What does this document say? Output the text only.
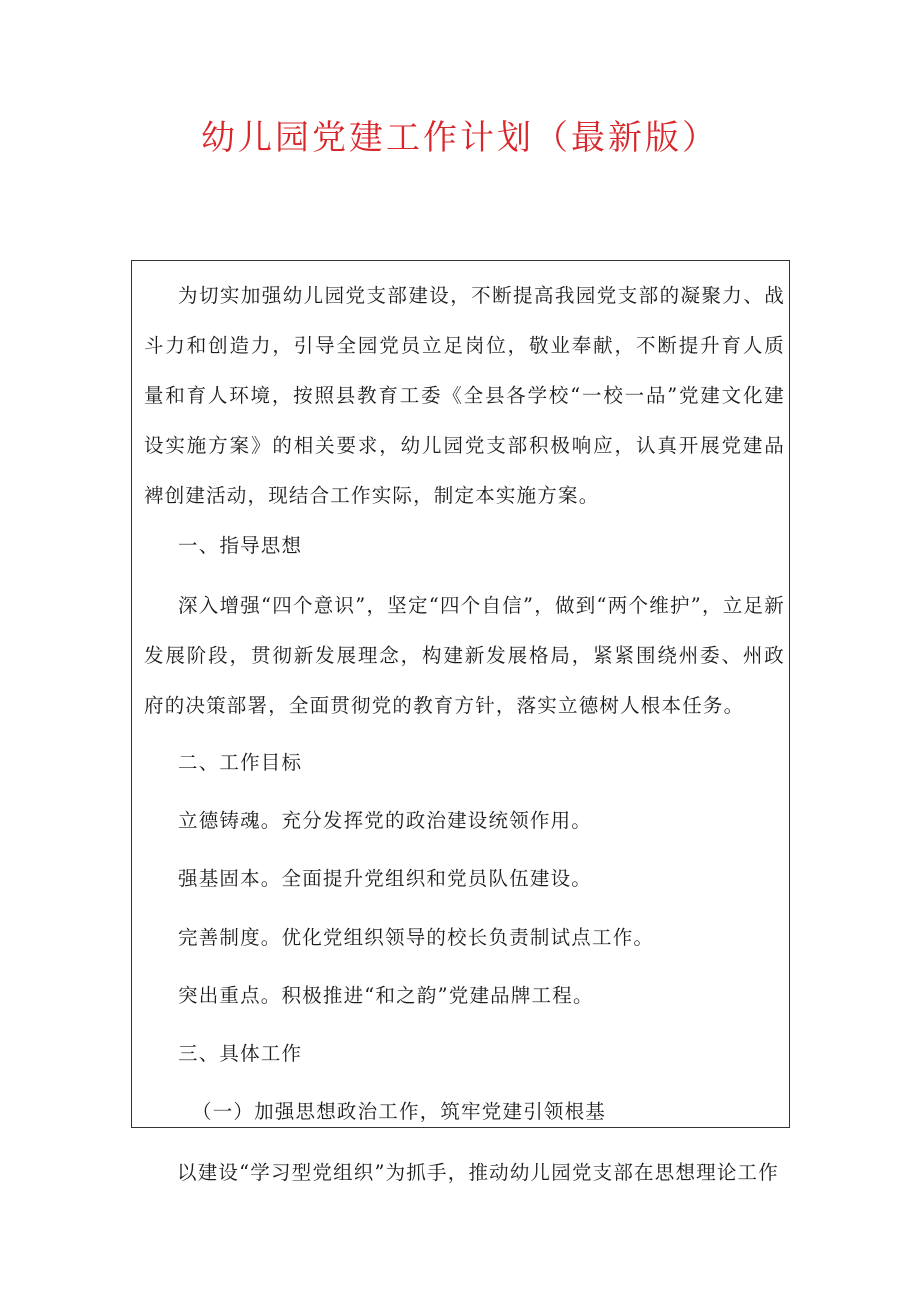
幼儿园党建工作计划（最新版）

为切实加强幼儿园党支部建设，不断提高我园党支部的凝聚力、战斗力和创造力，引导全园党员立足岗位，敬业奉献，不断提升育人质量和育人环境，按照县教育工委《全县各学校“一校一品”党建文化建设实施方案》的相关要求，幼儿园党支部积极响应，认真开展党建品裨创建活动，现结合工作实际，制定本实施方案。

一、指导思想

深入增强“四个意识”，坚定“四个自信”，做到“两个维护”，立足新发展阶段，贯彻新发展理念，构建新发展格局，紧紧围绕州委、州政府的决策部署，全面贯彻党的教育方针，落实立德树人根本任务。

二、工作目标

立德铸魂。充分发挥党的政治建设统领作用。

强基固本。全面提升党组织和党员队伍建设。

完善制度。优化党组织领导的校长负责制试点工作。

突出重点。积极推进“和之韵”党建品牌工程。

三、具体工作

（一）加强思想政治工作，筑牢党建引领根基

以建设“学习型党组织”为抓手，推动幼儿园党支部在思想理论工作
